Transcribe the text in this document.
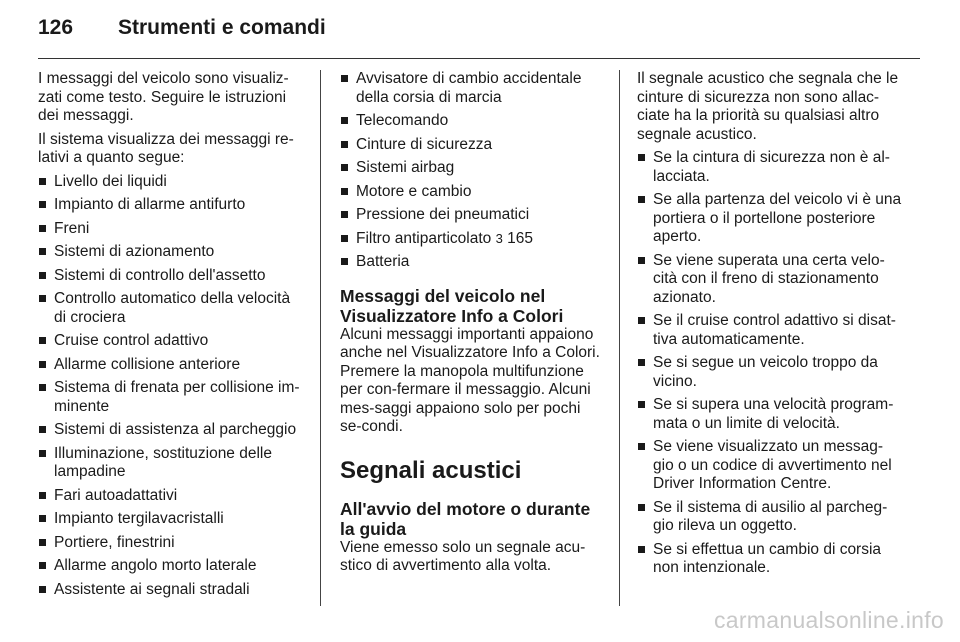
126	Strumenti e comandi

I messaggi del veicolo sono visualiz-zati come testo. Seguire le istruzioni dei messaggi.

Il sistema visualizza dei messaggi re-lativi a quanto segue:

Livello dei liquidi
Impianto di allarme antifurto
Freni
Sistemi di azionamento
Sistemi di controllo dell'assetto
Controllo automatico della velocità di crociera
Cruise control adattivo
Allarme collisione anteriore
Sistema di frenata per collisione im-minente
Sistemi di assistenza al parcheggio
Illuminazione, sostituzione delle lampadine
Fari autoadattativi
Impianto tergilavacristalli
Portiere, finestrini
Allarme angolo morto laterale
Assistente ai segnali stradali
Avvisatore di cambio accidentale della corsia di marcia
Telecomando
Cinture di sicurezza
Sistemi airbag
Motore e cambio
Pressione dei pneumatici
Filtro antiparticolato 3 165
Batteria
Messaggi del veicolo nel Visualizzatore Info a Colori

Alcuni messaggi importanti appaiono anche nel Visualizzatore Info a Colori. Premere la manopola multifunzione per con-fermare il messaggio. Alcuni mes-saggi appaiono solo per pochi se-condi.

Segnali acustici
All'avvio del motore o durante la guida

Viene emesso solo un segnale acu-stico di avvertimento alla volta.

Il segnale acustico che segnala che le cinture di sicurezza non sono allac-ciate ha la priorità su qualsiasi altro segnale acustico.

Se la cintura di sicurezza non è al-lacciata.
Se alla partenza del veicolo vi è una portiera o il portellone posteriore aperto.
Se viene superata una certa velo-cità con il freno di stazionamento azionato.
Se il cruise control adattivo si disat-tiva automaticamente.
Se si segue un veicolo troppo da vicino.
Se si supera una velocità program-mata o un limite di velocità.
Se viene visualizzato un messag-gio o un codice di avvertimento nel Driver Information Centre.
Se il sistema di ausilio al parcheg-gio rileva un oggetto.
Se si effettua un cambio di corsia non intenzionale.
carmanualsonline.info
